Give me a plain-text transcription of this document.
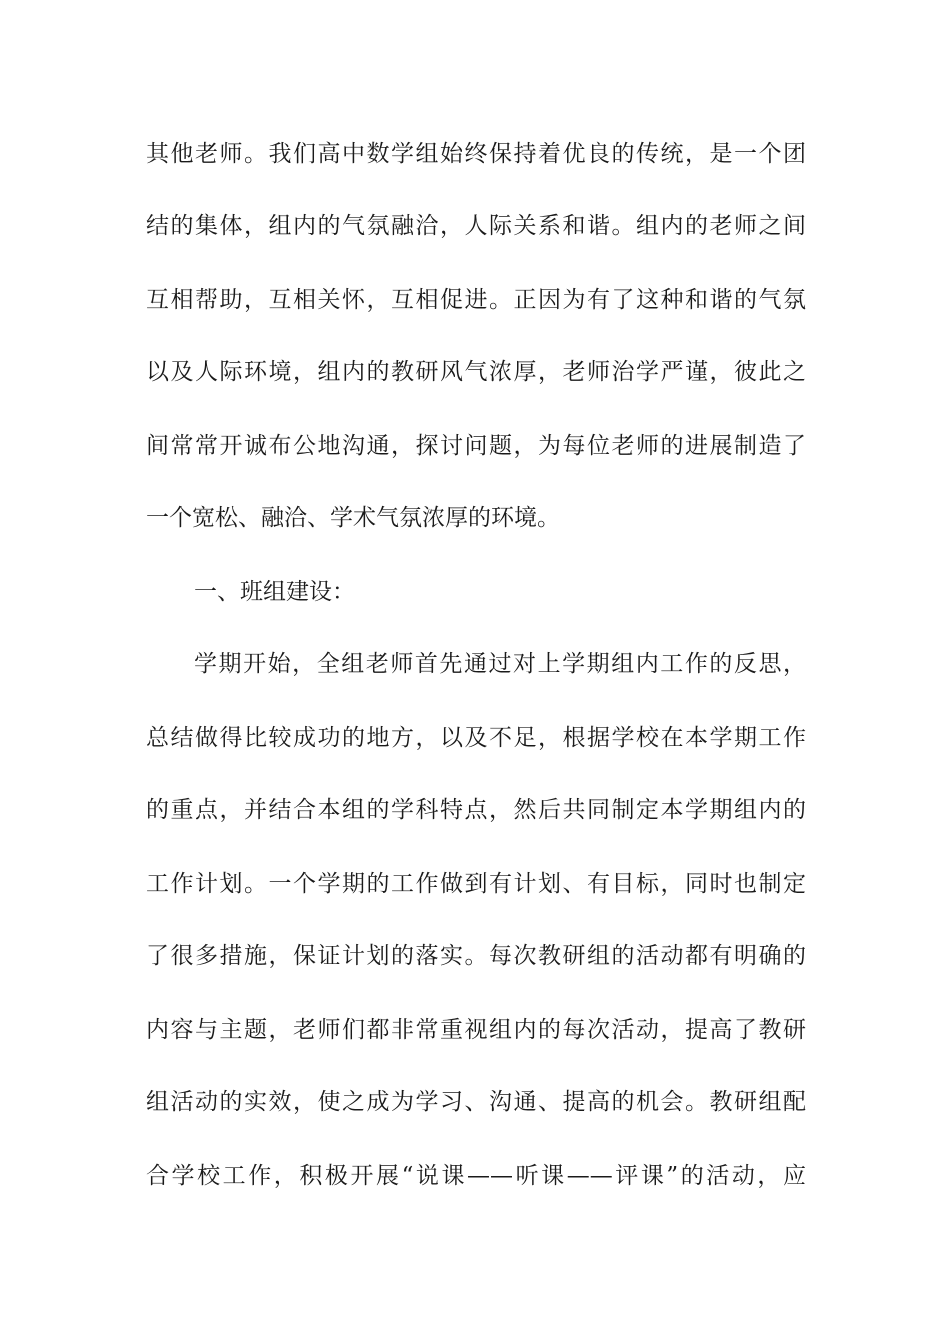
其他老师。我们高中数学组始终保持着优良的传统，是一个团
结的集体，组内的气氛融洽，人际关系和谐。组内的老师之间
互相帮助，互相关怀，互相促进。正因为有了这种和谐的气氛
以及人际环境，组内的教研风气浓厚，老师治学严谨，彼此之
间常常开诚布公地沟通，探讨问题，为每位老师的进展制造了
一个宽松、融洽、学术气氛浓厚的环境。
一、班组建设：
学期开始，全组老师首先通过对上学期组内工作的反思，
总结做得比较成功的地方，以及不足，根据学校在本学期工作
的重点，并结合本组的学科特点，然后共同制定本学期组内的
工作计划。一个学期的工作做到有计划、有目标，同时也制定
了很多措施，保证计划的落实。每次教研组的活动都有明确的
内容与主题，老师们都非常重视组内的每次活动，提高了教研
组活动的实效，使之成为学习、沟通、提高的机会。教研组配
合学校工作，积极开展“说课——听课——评课”的活动，应
